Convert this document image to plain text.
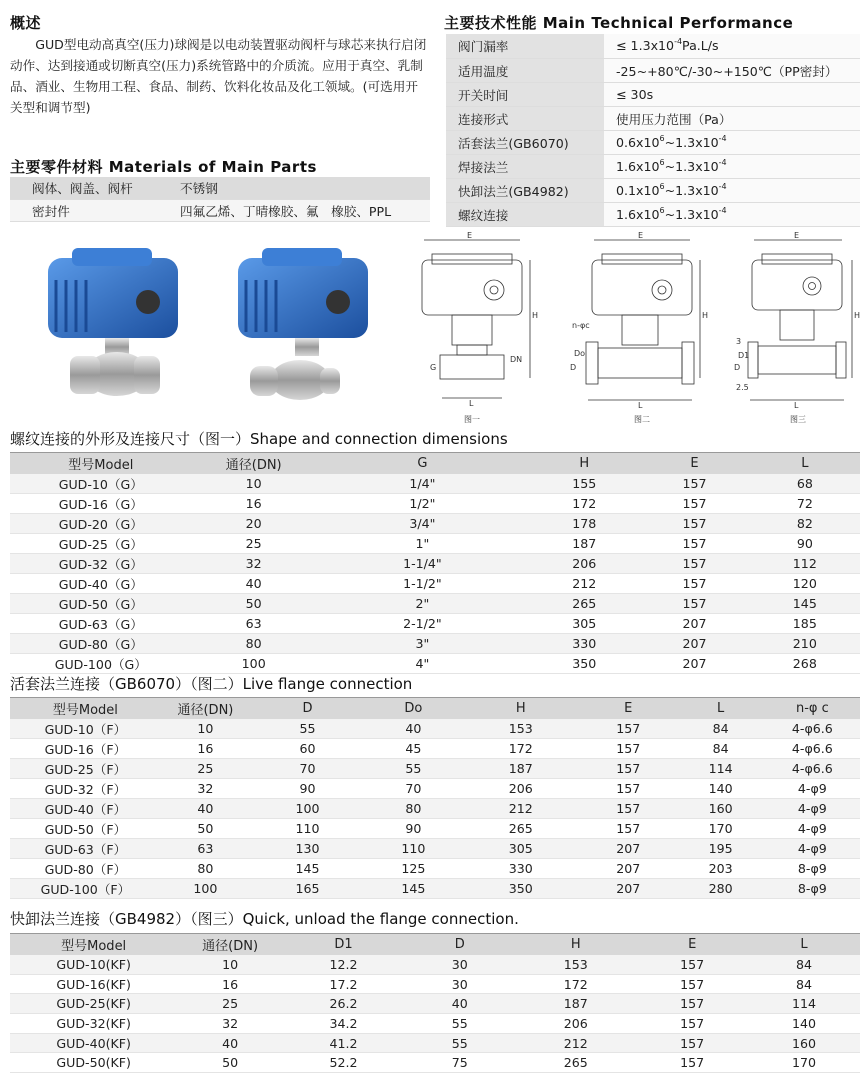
概述

GUD型电动高真空(压力)球阀是以电动装置驱动阀杆与球芯来执行启闭动作、达到接通或切断真空(压力)系统管路中的介质流。应用于真空、乳制品、酒业、生物用工程、食品、制药、饮料化妆品及化工领域。(可选用开关型和调节型)

主要零件材料 Materials of Main Parts
阀体、阀盖、阀杆	不锈钢
密封件	四氟乙烯、丁晴橡胶、氟　橡胶、PPL
主要技术性能 Main Technical Performance
阀门漏率	≤ $1.3x10^{-4}Pa.L/s$
适用温度	-25~+80℃/-30~+150℃（PP密封）
开关时间	≤ 30s
连接形式	使用压力范围（Pa）
活套法兰(GB6070)	$0.6x10^6\sim 1.3x10^{-4}$
焊接法兰	$1.6x10^6\sim 1.3x10^{-4}$
快卸法兰(GB4982)	$0.1x10^6\sim 1.3x10^{-4}$
螺纹连接	$1.6x10^6\sim 1.3x10^{-4}$
E
L
H
G
DN
图一
E
L
H
D
Do
n-φc
图二
E
L
H
D
D1
3
2.5
图三
螺纹连接的外形及连接尺寸（图一）Shape and connection dimensions
型号Model	通径(DN)	G	H	E	L
GUD-10（G）	10	1/4"	155	157	68
GUD-16（G）	16	1/2"	172	157	72
GUD-20（G）	20	3/4"	178	157	82
GUD-25（G）	25	1"	187	157	90
GUD-32（G）	32	1-1/4"	206	157	112
GUD-40（G）	40	1-1/2"	212	157	120
GUD-50（G）	50	2"	265	157	145
GUD-63（G）	63	2-1/2"	305	207	185
GUD-80（G）	80	3"	330	207	210
GUD-100（G）	100	4"	350	207	268
活套法兰连接（GB6070）（图二）Live flange connection
型号Model	通径(DN)	D	Do	H	E	L	n-φ c
GUD-10（F）	10	55	40	153	157	84	4-φ6.6
GUD-16（F）	16	60	45	172	157	84	4-φ6.6
GUD-25（F）	25	70	55	187	157	114	4-φ6.6
GUD-32（F）	32	90	70	206	157	140	4-φ9
GUD-40（F）	40	100	80	212	157	160	4-φ9
GUD-50（F）	50	110	90	265	157	170	4-φ9
GUD-63（F）	63	130	110	305	207	195	4-φ9
GUD-80（F）	80	145	125	330	207	203	8-φ9
GUD-100（F）	100	165	145	350	207	280	8-φ9
快卸法兰连接（GB4982）（图三）Quick, unload the flange connection.
型号Model	通径(DN)	D1	D	H	E	L
GUD-10(KF)	10	12.2	30	153	157	84
GUD-16(KF)	16	17.2	30	172	157	84
GUD-25(KF)	25	26.2	40	187	157	114
GUD-32(KF)	32	34.2	55	206	157	140
GUD-40(KF)	40	41.2	55	212	157	160
GUD-50(KF)	50	52.2	75	265	157	170
